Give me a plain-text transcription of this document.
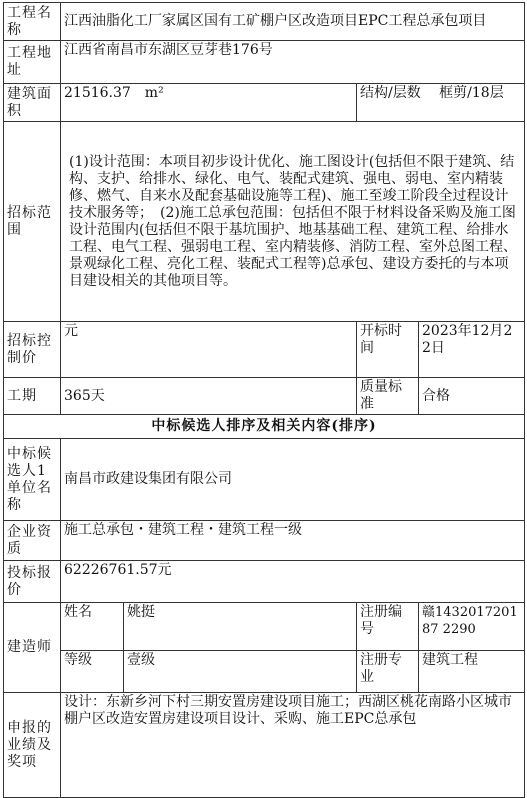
工程名称	江西油脂化工厂家属区国有工矿棚户区改造项目EPC工程总承包项目			
工程地址	江西省南昌市东湖区豆芽巷176号			
建筑面积	21516.37　m²		结构/层数　 框剪/18层	
招标范围	(1)设计范围：本项目初步设计优化、施工图设计(包括但不限于建筑、结构、支护、给排水、绿化、电气、装配式建筑、强电、弱电、室内精装修、燃气、自来水及配套基础设施等工程)、施工至竣工阶段全过程设计技术服务等；　(2)施工总承包范围：包括但不限于材料设备采购及施工图设计范围内(包括但不限于基坑围护、地基基础工程、建筑工程、给排水工程、电气工程、强弱电工程、室内精装修、消防工程、室外总图工程、景观绿化工程、亮化工程、装配式工程等)总承包、建设方委托的与本项目建设相关的其他项目等。			
招标控制价	元		开标时间	2023年12月22日
工期	365天		质量标准	合格
中标候选人排序及相关内容(排序)				
中标候选人1单位名称	南昌市政建设集团有限公司			
企业资质	施工总承包・建筑工程・建筑工程一级			
投标报价	62226761.57元			
建造师	姓名	姚挺	注册编号	赣143201720187 2290
	等级	壹级	注册专业	建筑工程
申报的业绩及奖项	设计：东新乡河下村三期安置房建设项目施工；西湖区桃花南路小区城市棚户区改造安置房建设项目设计、采购、施工EPC总承包			
